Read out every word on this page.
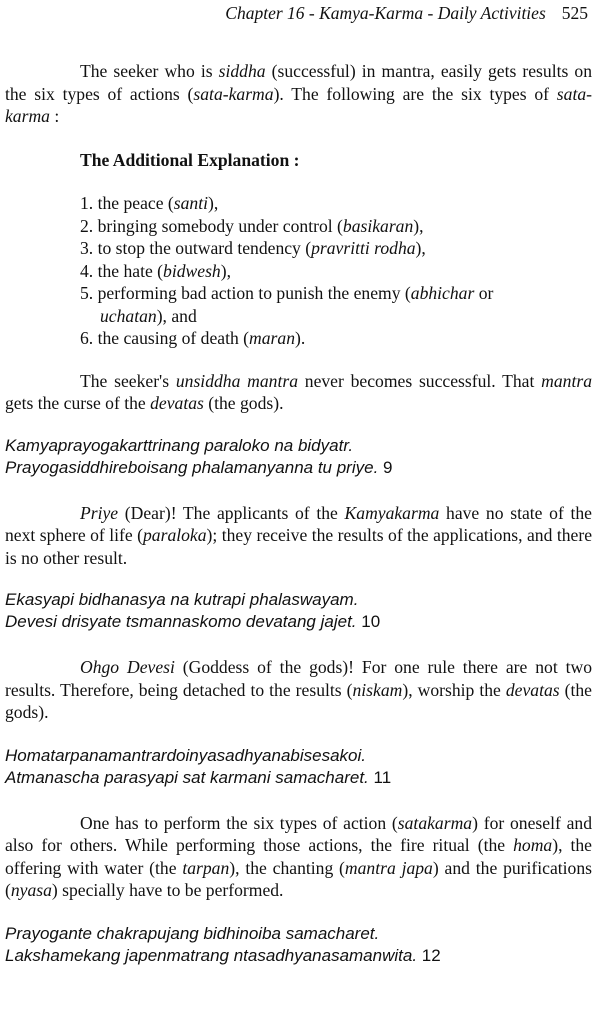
Chapter 16 - Kamya-Karma - Daily Activities 525

The seeker who is siddha (successful) in mantra, easily gets results on the six types of actions (sata-karma). The following are the six types of sata-karma :

The Additional Explanation :

1. the peace (santi),
2. bringing somebody under control (basikaran),
3. to stop the outward tendency (pravritti rodha),
4. the hate (bidwesh),
5. performing bad action to punish the enemy (abhichar or
uchatan), and
6. the causing of death (maran).

The seeker's unsiddha mantra never becomes successful. That mantra gets the curse of the devatas (the gods).

Kamyaprayogakarttrinang paraloko na bidyatr.
Prayogasiddhireboisang phalamanyanna tu priye. 9

Priye (Dear)! The applicants of the Kamyakarma have no state of the next sphere of life (paraloka); they receive the results of the applications, and there is no other result.

Ekasyapi bidhanasya na kutrapi phalaswayam.
Devesi drisyate tsmannaskomo devatang jajet. 10

Ohgo Devesi (Goddess of the gods)! For one rule there are not two results. Therefore, being detached to the results (niskam), worship the devatas (the gods).

Homatarpanamantrardoinyasadhyanabisesakoi.
Atmanascha parasyapi sat karmani samacharet. 11

One has to perform the six types of action (satakarma) for oneself and also for others. While performing those actions, the fire ritual (the homa), the offering with water (the tarpan), the chanting (mantra japa) and the purifications (nyasa) specially have to be performed.

Prayogante chakrapujang bidhinoiba samacharet.
Lakshamekang japenmatrang ntasadhyanasamanwita. 12
